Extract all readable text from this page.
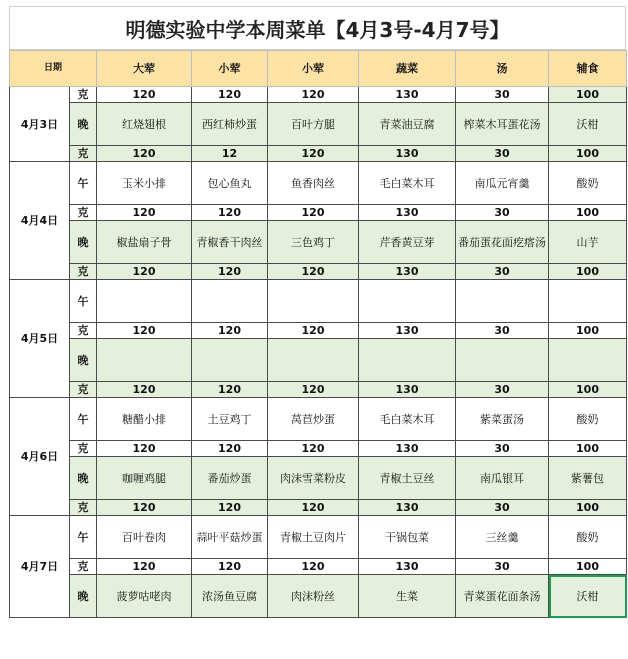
明德实验中学本周菜单【4月3号-4月7号】
日期		大荤	小荤	小荤	蔬菜	汤	辅食
4月3日	克	120	120	120	130	30	100
	晚	红烧翅根	西红柿炒蛋	百叶方腿	青菜油豆腐	榨菜木耳蛋花汤	沃柑
	克	120	12	120	130	30	100
4月4日	午	玉米小排	包心鱼丸	鱼香肉丝	毛白菜木耳	南瓜元宵羹	酸奶
	克	120	120	120	130	30	100
	晚	椒盐扇子骨	青椒香干肉丝	三色鸡丁	芹香黄豆芽	番茄蛋花面疙瘩汤	山芋
	克	120	120	120	130	30	100
4月5日	午						
	克	120	120	120	130	30	100
	晚						
	克	120	120	120	130	30	100
4月6日	午	糖醋小排	土豆鸡丁	莴苣炒蛋	毛白菜木耳	紫菜蛋汤	酸奶
	克	120	120	120	130	30	100
	晚	咖喱鸡腿	番茄炒蛋	肉沫雪菜粉皮	青椒土豆丝	南瓜银耳	紫薯包
	克	120	120	120	130	30	100
4月7日	午	百叶卷肉	蒜叶平菇炒蛋	青椒土豆肉片	干锅包菜	三丝羹	酸奶
	克	120	120	120	130	30	100
	晚	菠萝咕咾肉	浓汤鱼豆腐	肉沫粉丝	生菜	青菜蛋花面条汤	沃柑
